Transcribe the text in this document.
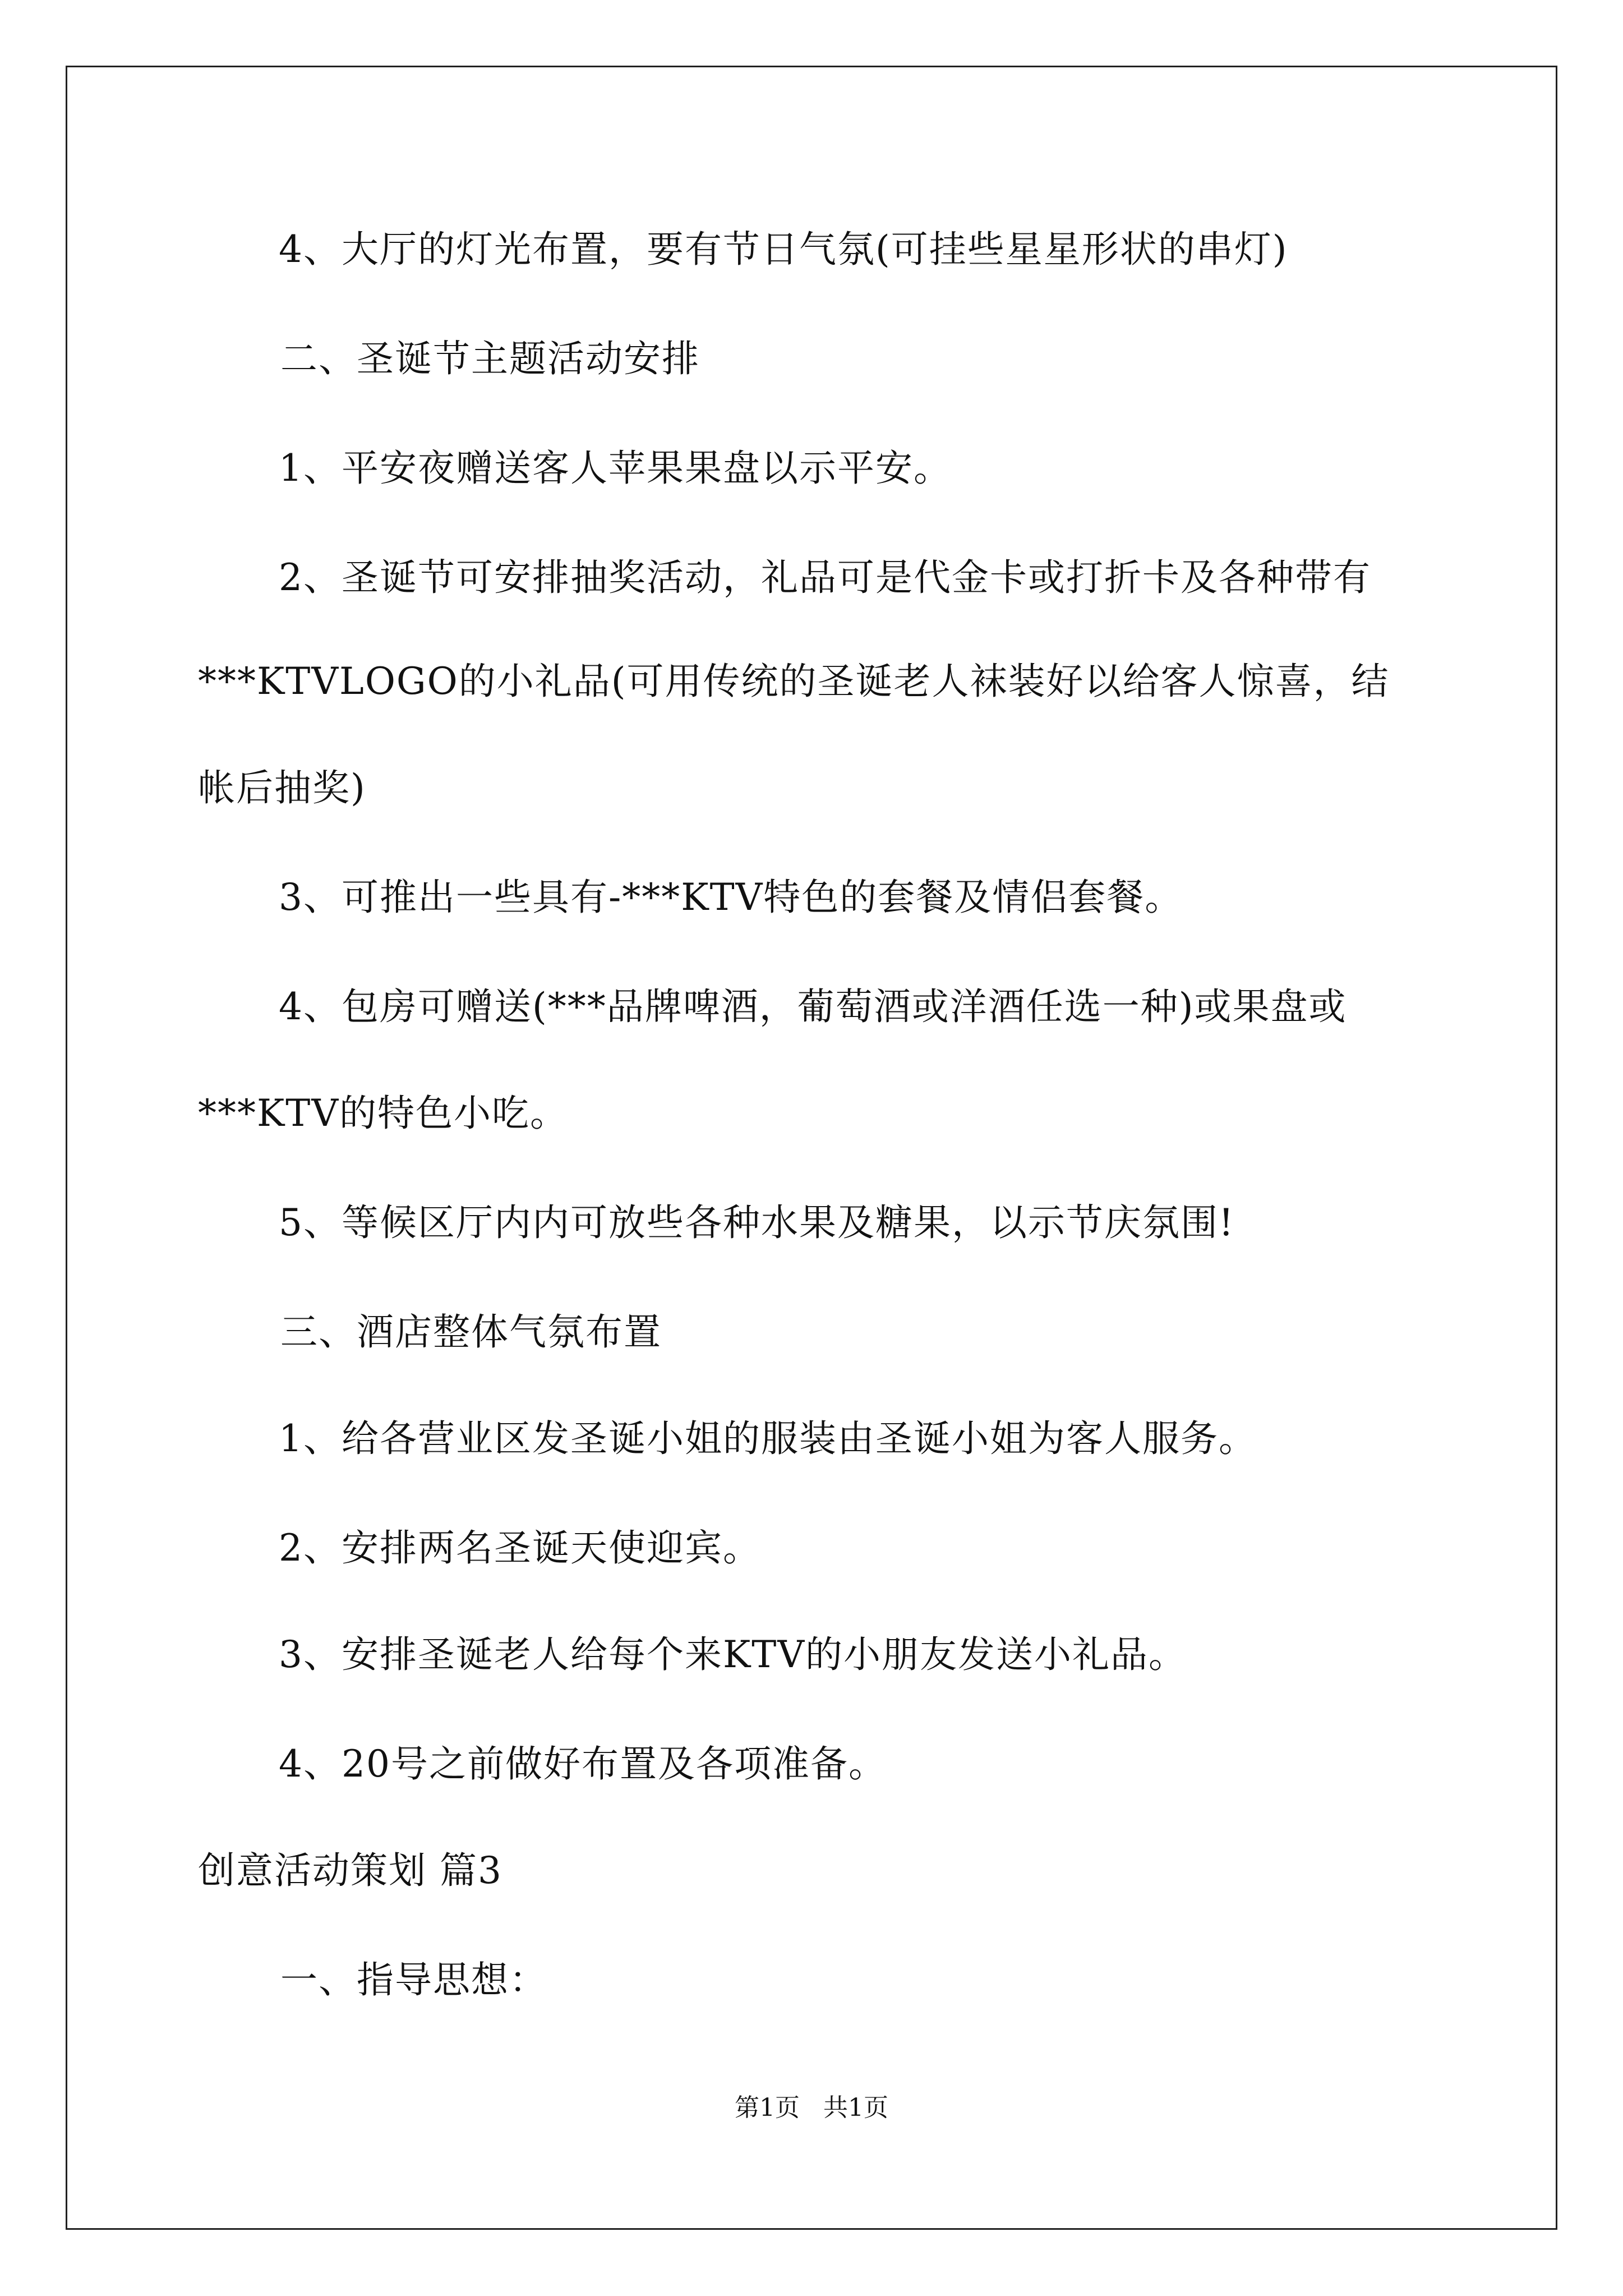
4、大厅的灯光布置，要有节日气氛(可挂些星星形状的串灯)
二、圣诞节主题活动安排
1、平安夜赠送客人苹果果盘以示平安。
2、圣诞节可安排抽奖活动，礼品可是代金卡或打折卡及各种带有
***KTVLOGO的小礼品(可用传统的圣诞老人袜装好以给客人惊喜，结
帐后抽奖)
3、可推出一些具有-***KTV特色的套餐及情侣套餐。
4、包房可赠送(***品牌啤酒，葡萄酒或洋酒任选一种)或果盘或
***KTV的特色小吃。
5、等候区厅内内可放些各种水果及糖果，以示节庆氛围!
三、酒店整体气氛布置
1、给各营业区发圣诞小姐的服装由圣诞小姐为客人服务。
2、安排两名圣诞天使迎宾。
3、安排圣诞老人给每个来KTV的小朋友发送小礼品。
4、20号之前做好布置及各项准备。
创意活动策划 篇3
一、指导思想：
第1页   共1页
